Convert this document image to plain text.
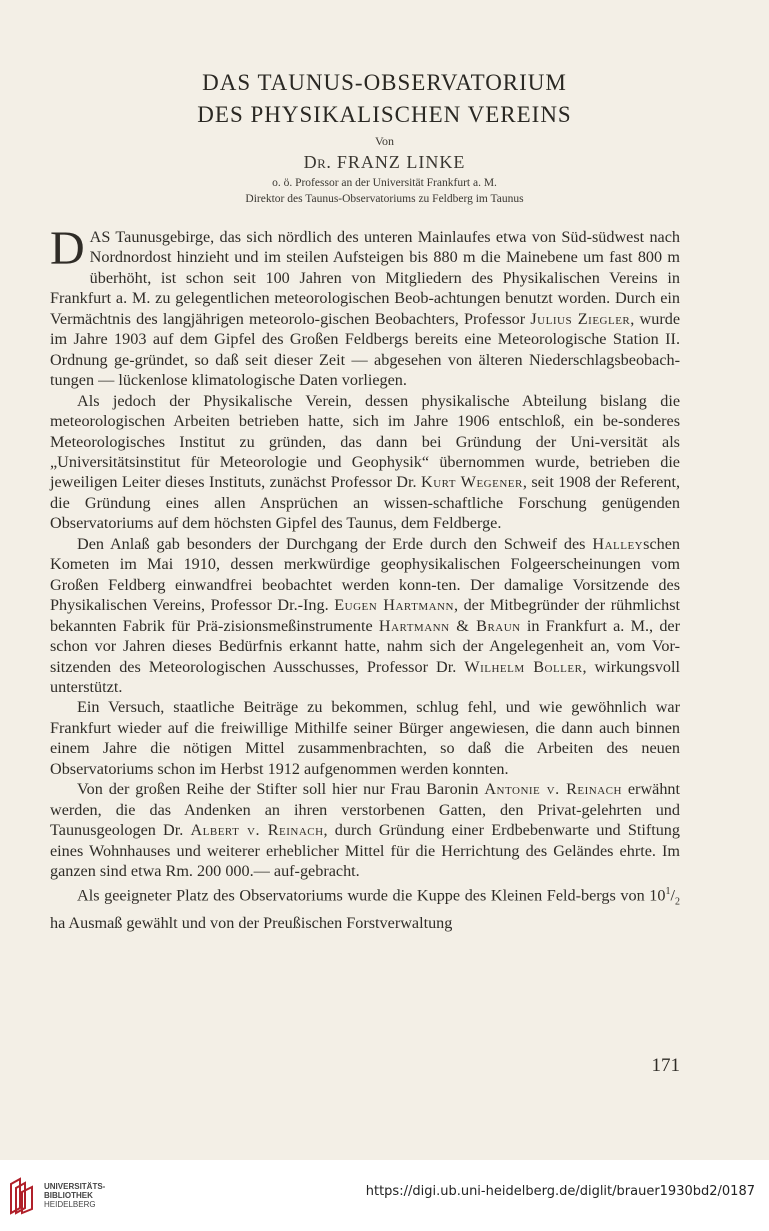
DAS TAUNUS-OBSERVATORIUM
DES PHYSIKALISCHEN VEREINS
Von
Dr. FRANZ LINKE
o. ö. Professor an der Universität Frankfurt a. M.
Direktor des Taunus-Observatoriums zu Feldberg im Taunus

DAS Taunusgebirge, das sich nördlich des unteren Mainlaufes etwa von Süd-südwest nach Nordnordost hinzieht und im steilen Aufsteigen bis 880 m die Mainebene um fast 800 m überhöht, ist schon seit 100 Jahren von Mitgliedern des Physikalischen Vereins in Frankfurt a. M. zu gelegentlichen meteorologischen Beob-achtungen benutzt worden. Durch ein Vermächtnis des langjährigen meteorolo-gischen Beobachters, Professor Julius Ziegler, wurde im Jahre 1903 auf dem Gipfel des Großen Feldbergs bereits eine Meteorologische Station II. Ordnung ge-gründet, so daß seit dieser Zeit — abgesehen von älteren Niederschlagsbeobach-tungen — lückenlose klimatologische Daten vorliegen.

Als jedoch der Physikalische Verein, dessen physikalische Abteilung bislang die meteorologischen Arbeiten betrieben hatte, sich im Jahre 1906 entschloß, ein be-sonderes Meteorologisches Institut zu gründen, das dann bei Gründung der Uni-versität als „Universitätsinstitut für Meteorologie und Geophysik“ übernommen wurde, betrieben die jeweiligen Leiter dieses Instituts, zunächst Professor Dr. Kurt Wegener, seit 1908 der Referent, die Gründung eines allen Ansprüchen an wissen-schaftliche Forschung genügenden Observatoriums auf dem höchsten Gipfel des Taunus, dem Feldberge.

Den Anlaß gab besonders der Durchgang der Erde durch den Schweif des Halleyschen Kometen im Mai 1910, dessen merkwürdige geophysikalischen Folgeerscheinungen vom Großen Feldberg einwandfrei beobachtet werden konn-ten. Der damalige Vorsitzende des Physikalischen Vereins, Professor Dr.-Ing. Eugen Hartmann, der Mitbegründer der rühmlichst bekannten Fabrik für Prä-zisionsmeßinstrumente Hartmann & Braun in Frankfurt a. M., der schon vor Jahren dieses Bedürfnis erkannt hatte, nahm sich der Angelegenheit an, vom Vor-sitzenden des Meteorologischen Ausschusses, Professor Dr. Wilhelm Boller, wirkungsvoll unterstützt.

Ein Versuch, staatliche Beiträge zu bekommen, schlug fehl, und wie gewöhnlich war Frankfurt wieder auf die freiwillige Mithilfe seiner Bürger angewiesen, die dann auch binnen einem Jahre die nötigen Mittel zusammenbrachten, so daß die Arbeiten des neuen Observatoriums schon im Herbst 1912 aufgenommen werden konnten.

Von der großen Reihe der Stifter soll hier nur Frau Baronin Antonie v. Reinach erwähnt werden, die das Andenken an ihren verstorbenen Gatten, den Privat-gelehrten und Taunusgeologen Dr. Albert v. Reinach, durch Gründung einer Erdbebenwarte und Stiftung eines Wohnhauses und weiterer erheblicher Mittel für die Herrichtung des Geländes ehrte. Im ganzen sind etwa Rm. 200 000.— auf-gebracht.

Als geeigneter Platz des Observatoriums wurde die Kuppe des Kleinen Feld-bergs von $10^1/_2$ ha Ausmaß gewählt und von der Preußischen Forstverwaltung

171
UNIVERSITÄTS-
BIBLIOTHEK
HEIDELBERG
https://digi.ub.uni-heidelberg.de/diglit/brauer1930bd2/0187
